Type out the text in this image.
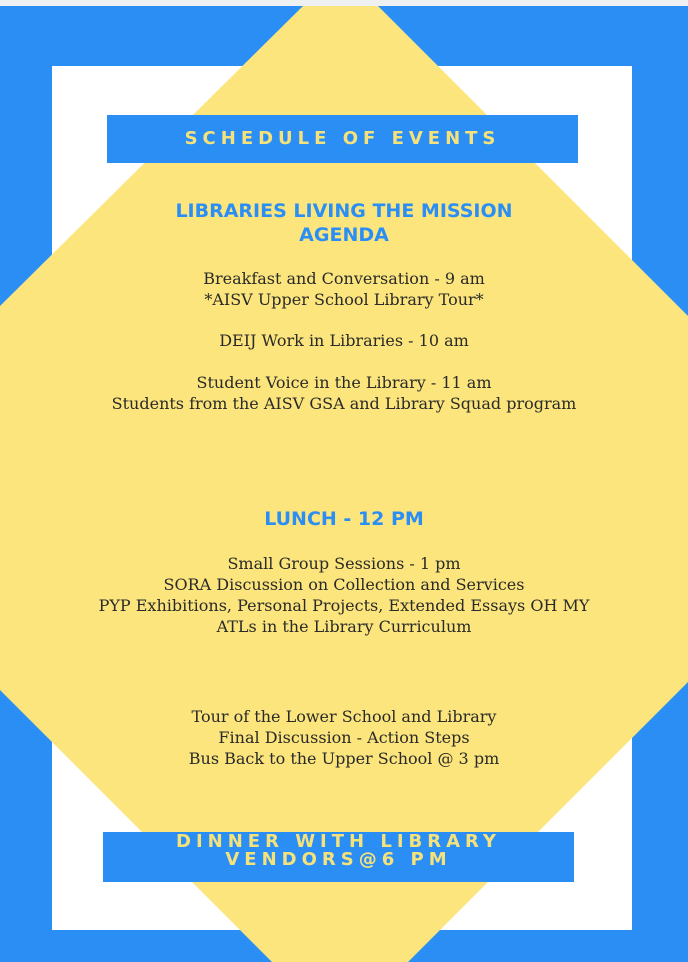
SCHEDULE OF EVENTS
LIBRARIES LIVING THE MISSION
AGENDA
Breakfast and Conversation - 9 am
*AISV Upper School Library Tour*
DEIJ Work in Libraries - 10 am
Student Voice in the Library - 11 am
Students from the AISV GSA and Library Squad program
LUNCH - 12 PM
Small Group Sessions - 1 pm
SORA Discussion on Collection and Services
PYP Exhibitions, Personal Projects, Extended Essays OH MY
ATLs in the Library Curriculum
Tour of the Lower School and Library
Final Discussion - Action Steps
Bus Back to the Upper School @ 3 pm
DINNER WITH LIBRARY
VENDORS@6 PM
